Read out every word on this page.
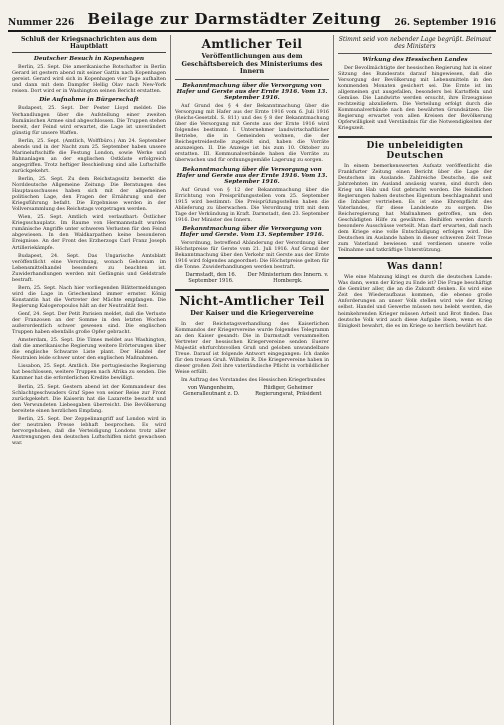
Nummer 226 Beilage zur Darmstädter Zeitung 26. September 1916
Schluß der Kriegsnachrichten aus dem Hauptblatt
Deutscher Besuch in Kopenhagen

Berlin, 25. Sept. Die amerikanische Botschafter in Berlin Gerard ist gestern abend mit seiner Gattin nach Kopenhagen gereist. Gerard wird sich in Kopenhagen vier Tage aufhalten und dann mit dem Dampfer Hellig Olav nach New-York reisen. Dort wird er in Washington seinen Bericht erstatten.

Die Aufnahme in Bürgerschaft

Budapest, 25. Sept. Der Pester Lloyd meldet: Die Verhandlungen über die Aufstellung einer zweiten Rumänischen Armee sind abgeschlossen. Die Truppen stehen bereit, der Feind wird erwartet, die Lage ist unverändert günstig für unsere Waffen.

Berlin, 25. Sept. (Amtlich, Wolffbüro.) Am 24. September abends und in der Nacht zum 25. September haben unsere Marineluftschiffe die Festung London, sowie Werke und Bahnanlagen an der englischen Ostküste erfolgreich angegriffen. Trotz heftiger Beschießung sind alle Luftschiffe zurückgekehrt.

Berlin, 25. Sept. Zu dem Reichstagssitz bemerkt die Norddeutsche Allgemeine Zeitung: Die Beratungen des Hauptausschusses haben sich mit der allgemeinen politischen Lage, den Fragen der Ernährung und der Kriegsführung befaßt. Die Ergebnisse werden in der Vollversammlung des Reichstags vorgetragen werden.

Wien, 25. Sept. Amtlich wird verlautbart: Östlicher Kriegsschauplatz. Im Raume von Hermannstadt wurden rumänische Angriffe unter schweren Verlusten für den Feind abgewiesen. In den Waldkarpathen keine besonderen Ereignisse. An der Front des Erzherzogs Carl Franz Joseph Artilleriekämpfe.

Budapest, 24. Sept. Das Ungarische Amtsblatt veröffentlicht eine Verordnung, wonach Gehorsam im Lebensmittelhandel besonders zu beachten ist. Zuwiderhandlungen werden mit Gefängnis und Geldstrafe bestraft.

Bern, 25. Sept. Nach hier vorliegenden Blättermeldungen wird die Lage in Griechenland immer ernster. König Konstantin hat die Vertreter der Mächte empfangen. Die Regierung Kalogeropoulos hält an der Neutralität fest.

Genf, 24. Sept. Der Petit Parisien meldet, daß die Verluste der Franzosen an der Somme in den letzten Wochen außerordentlich schwer gewesen sind. Die englischen Truppen haben ebenfalls große Opfer gebracht.

Amsterdam, 25. Sept. Die Times meldet aus Washington, daß die amerikanische Regierung weitere Erörterungen über die englische Schwarze Liste plant. Der Handel der Neutralen leide schwer unter den englischen Maßnahmen.

Lissabon, 25. Sept. Amtlich. Die portugiesische Regierung hat beschlossen, weitere Truppen nach Afrika zu senden. Die Kammer hat die erforderlichen Kredite bewilligt.

Berlin, 25. Sept. Gestern abend ist der Kommandeur des Schlachtgeschwaders Graf Spee von seiner Reise zur Front zurückgekehrt. Die Kaiserin hat die Lazarette besucht und den Verwundeten Liebesgaben überreicht. Die Bevölkerung bereitete einen herzlichen Empfang.

Berlin, 25. Sept. Der Zeppelinangriff auf London wird in der neutralen Presse lebhaft besprochen. Es wird hervorgehoben, daß die Verteidigung Londons trotz aller Anstrengungen den deutschen Luftschiffen nicht gewachsen war.

Amtlicher Teil
Veröffentlichungen aus dem Geschäftsbereich des Ministeriums des Innern
Bekanntmachung über die Versorgung von Hafer und Gerste aus der Ernte 1916. Vom 13. September 1916.

Auf Grund des § 4 der Bekanntmachung über die Versorgung mit Hafer aus der Ernte 1916 vom 6. Juli 1916 (Reichs-Gesetzbl. S. 811) und des § 8 der Bekanntmachung über die Versorgung mit Gerste aus der Ernte 1916 wird folgendes bestimmt: I. Unternehmer landwirtschaftlicher Betriebe, die in Gemeinden wohnen, die der Reichsgetreidestelle zugeteilt sind, haben die Vorräte anzuzeigen. II. Die Anzeige ist bis zum 10. Oktober zu erstatten. III. Kommunalverbände haben die Vorräte zu überwachen und für ordnungsgemäße Lagerung zu sorgen.

Bekanntmachung über die Versorgung von Hafer und Gerste aus der Ernte 1916. Vom 13. September 1916.

Auf Grund von § 12 der Bekanntmachung über die Errichtung von Preisprüfungsstellen vom 25. September 1915 wird bestimmt: Die Preisprüfungsstellen haben die Ablieferung zu überwachen. Die Verordnung tritt mit dem Tage der Verkündung in Kraft. Darmstadt, den 23. September 1916. Der Minister des Innern.

Bekanntmachung über die Versorgung von Hafer und Gerste. Vom 13. September 1916.

Verordnung, betreffend Abänderung der Verordnung über Höchstpreise für Gerste vom 21. Juli 1916. Auf Grund der Bekanntmachung über den Verkehr mit Gerste aus der Ernte 1916 wird folgendes angeordnet: Die Höchstpreise gelten für die Tonne. Zuwiderhandlungen werden bestraft.

Darmstadt, den 16. September 1916.
Der Ministerium des Innern. v. Hombergk.
Nicht-Amtlicher Teil
Der Kaiser und die Kriegervereine

In der Reichstagsverhandlung des Kaiserlichen Kommandos der Kriegervereine wurde folgendes Telegramm an den Kaiser gesandt: Die in Darmstadt versammelten Vertreter der hessischen Kriegervereine senden Euerer Majestät ehrfurchtsvollen Gruß und geloben unwandelbare Treue. Darauf ist folgende Antwort eingegangen: Ich danke für den treuen Gruß. Wilhelm R. Die Kriegervereine haben in dieser großen Zeit ihre vaterländische Pflicht in vorbildlicher Weise erfüllt.

Im Auftrag des Vorstandes des Hessischen Kriegerbundes

von Wangenheim, Generalleutnant z. D.
Rüdiger, Geheimer Regierungsrat, Präsident
Stimmt seid von nebender Lage begrüßt. Beimaut des Ministers
Wirkung des Hessischen Landes

Der Bevollmächtigte der hessischen Regierung hat in einer Sitzung des Bundesrats darauf hingewiesen, daß die Versorgung der Bevölkerung mit Lebensmitteln in den kommenden Monaten gesichert sei. Die Ernte ist im allgemeinen gut ausgefallen, besonders bei Kartoffeln und Gemüse. Die Landwirte werden ersucht, ihre Erzeugnisse rechtzeitig abzuliefern. Die Verteilung erfolgt durch die Kommunalverbände nach den bewährten Grundsätzen. Die Regierung erwartet von allen Kreisen der Bevölkerung Opferwilligkeit und Verständnis für die Notwendigkeiten der Kriegszeit.

Die unbeleidigten Deutschen

In einem bemerkenswerten Aufsatz veröffentlicht die Frankfurter Zeitung einen Bericht über die Lage der Deutschen im Auslande. Zahlreiche Deutsche, die seit Jahrzehnten im Ausland ansässig waren, sind durch den Krieg um Hab und Gut gebracht worden. Die feindlichen Regierungen haben deutsches Eigentum beschlagnahmt und die Inhaber vertrieben. Es ist eine Ehrenpflicht des Vaterlandes, für diese Landsleute zu sorgen. Die Reichsregierung hat Maßnahmen getroffen, um den Geschädigten Hilfe zu gewähren. Beihilfen werden durch besondere Ausschüsse verteilt. Man darf erwarten, daß nach dem Kriege eine volle Entschädigung erfolgen wird. Die Deutschen im Auslande haben in dieser schweren Zeit Treue zum Vaterland bewiesen und verdienen unsere volle Teilnahme und tatkräftige Unterstützung.

Was dann!

Wie eine Mahnung klingt es durch die deutschen Lande: Was dann, wenn der Krieg zu Ende ist? Die Frage beschäftigt die Gemüter aller, die an die Zukunft denken. Es wird eine Zeit des Wiederaufbaus kommen, die ebenso große Anforderungen an unser Volk stellen wird wie der Krieg selbst. Handel und Gewerbe müssen neu belebt werden, die heimkehrenden Krieger müssen Arbeit und Brot finden. Das deutsche Volk wird auch diese Aufgabe lösen, wenn es die Einigkeit bewahrt, die es im Kriege so herrlich bewährt hat.
